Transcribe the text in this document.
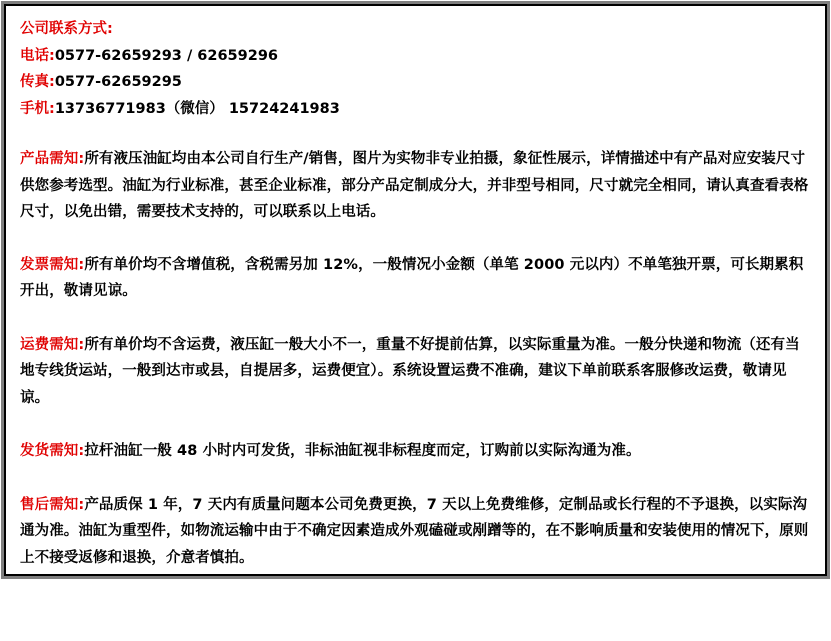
公司联系方式:
电话:0577-62659293 / 62659296
传真:0577-62659295
手机:13736771983（微信） 15724241983
产品需知:所有液压油缸均由本公司自行生产/销售，图片为实物非专业拍摄，象征性展示，详情描述中有产品对应安装尺寸供您参考选型。油缸为行业标准，甚至企业标准，部分产品定制成分大，并非型号相同，尺寸就完全相同，请认真查看表格尺寸，以免出错，需要技术支持的，可以联系以上电话。
发票需知:所有单价均不含增值税，含税需另加 12%，一般情况小金额（单笔 2000 元以内）不单笔独开票，可长期累积开出，敬请见谅。
运费需知:所有单价均不含运费，液压缸一般大小不一，重量不好提前估算，以实际重量为准。一般分快递和物流（还有当地专线货运站，一般到达市或县，自提居多，运费便宜）。系统设置运费不准确，建议下单前联系客服修改运费，敬请见谅。
发货需知:拉杆油缸一般 48 小时内可发货，非标油缸视非标程度而定，订购前以实际沟通为准。
售后需知:产品质保 1 年，7 天内有质量问题本公司免费更换，7 天以上免费维修，定制品或长行程的不予退换，以实际沟通为准。油缸为重型件，如物流运输中由于不确定因素造成外观磕碰或剐蹭等的，在不影响质量和安装使用的情况下，原则上不接受返修和退换，介意者慎拍。
